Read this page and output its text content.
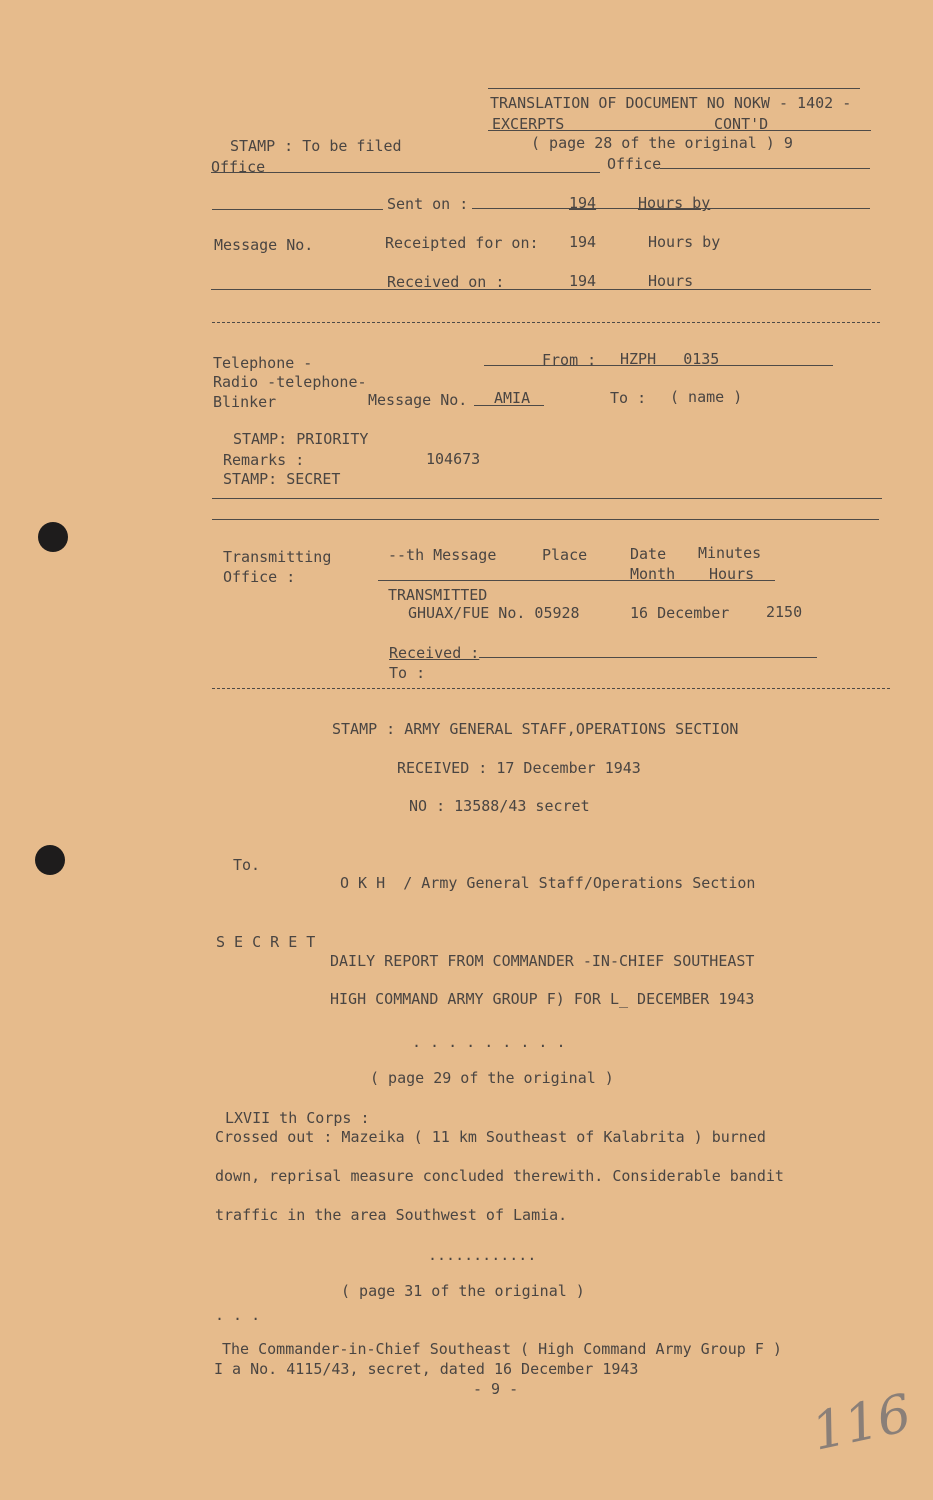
TRANSLATION OF DOCUMENT NO NOKW - 1402 -
EXCERPTS	CONT'D
STAMP : To be filed	( page 28 of the original ) 9
Office	Office
Sent on :	194	Hours by
Message No.	Receipted for on: 194	Hours by
Received on :	194	Hours
Telephone -
Radio -telephone-
Blinker
From : HZPH   0135
Message No. AMIA	To : ( name )
STAMP: PRIORITY
Remarks :	104673
STAMP: SECRET
Transmitting
Office :
--th Message	Place	Date Minutes
Month Hours
TRANSMITTED
GHUAX/FUE No. 05928	16 December 2150
Received :
To :
STAMP : ARMY GENERAL STAFF,OPERATIONS SECTION
RECEIVED : 17 December 1943
NO : 13588/43 secret
To.
O K H  / Army General Staff/Operations Section
S E C R E T
DAILY REPORT FROM COMMANDER -IN-CHIEF SOUTHEAST
HIGH COMMAND ARMY GROUP F) FOR L_ DECEMBER 1943
. . . . . . . . .
( page 29 of the original )
LXVII th Corps :
Crossed out : Mazeika ( 11 km Southeast of Kalabrita ) burned
down, reprisal measure concluded therewith. Considerable bandit
traffic in the area Southwest of Lamia.
............
( page 31 of the original )
. . .
The Commander-in-Chief Southeast ( High Command Army Group F )
I a No. 4115/43, secret, dated 16 December 1943
- 9 -	116
